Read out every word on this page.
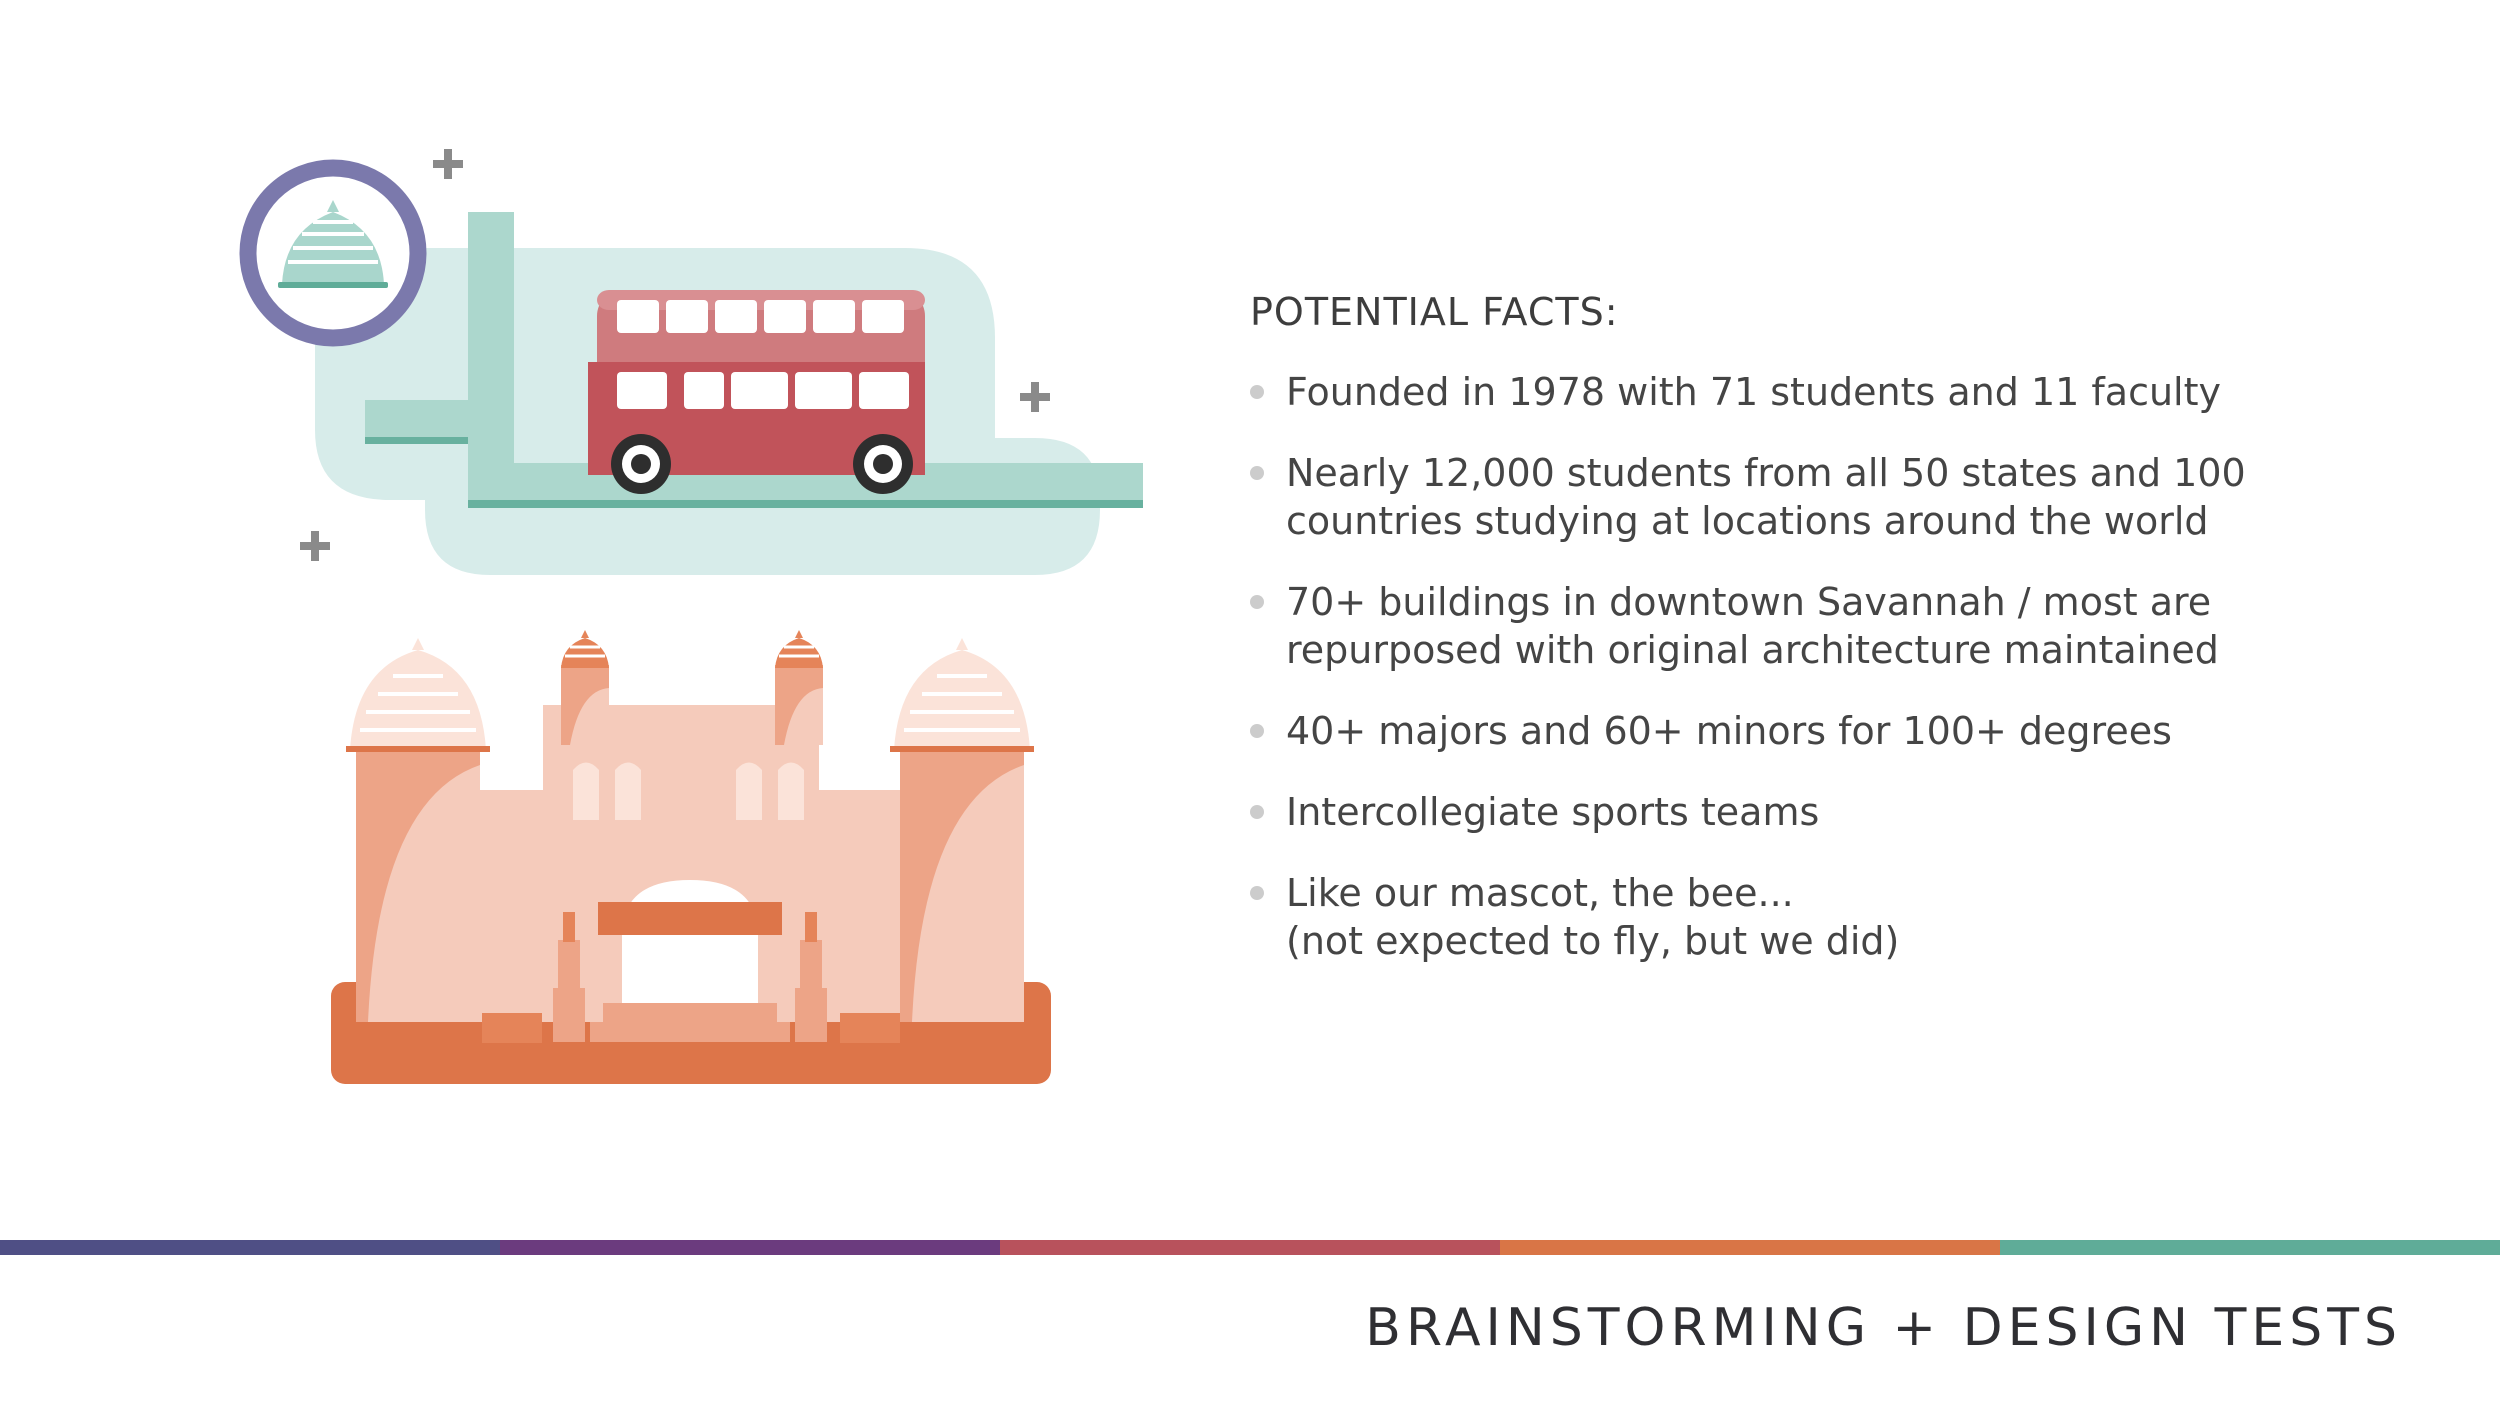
POTENTIAL FACTS:
Founded in 1978 with 71 students and 11 faculty
Nearly 12,000 students from all 50 states and 100
countries studying at locations around the world
70+ buildings in downtown Savannah / most are
repurposed with original architecture maintained
40+ majors and 60+ minors for 100+ degrees
Intercollegiate sports teams
Like our mascot, the bee...
(not expected to fly, but we did)
BRAINSTORMING + DESIGN TESTS
